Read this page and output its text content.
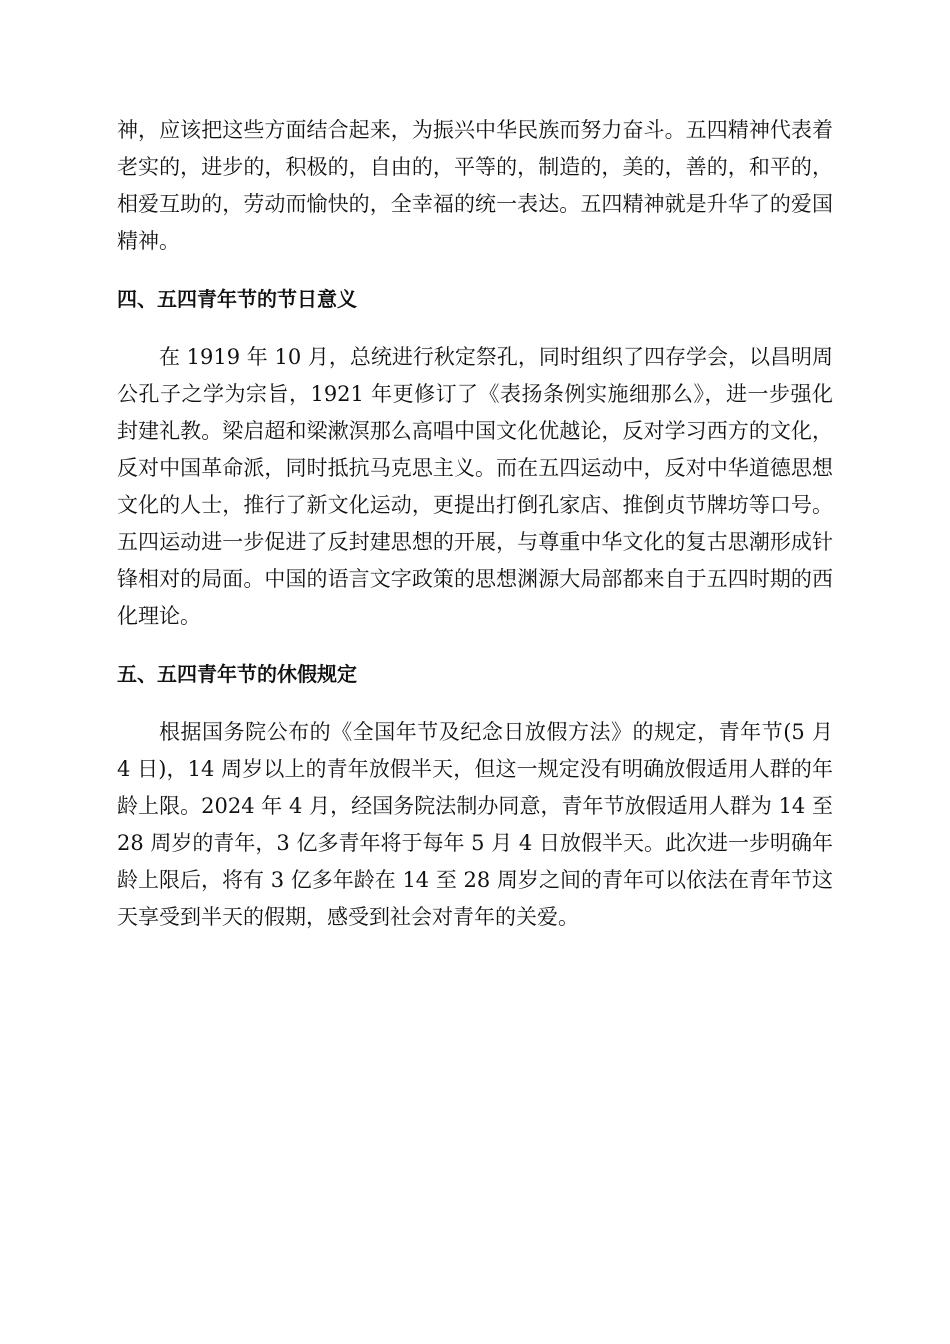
神，应该把这些方面结合起来，为振兴中华民族而努力奋斗。五四精神代表着老实的，进步的，积极的，自由的，平等的，制造的，美的，善的，和平的，相爱互助的，劳动而愉快的，全幸福的统一表达。五四精神就是升华了的爱国精神。

四、五四青年节的节日意义

在 1919 年 10 月，总统进行秋定祭孔，同时组织了四存学会，以昌明周公孔子之学为宗旨，1921 年更修订了《表扬条例实施细那么》，进一步强化封建礼教。梁启超和梁漱溟那么高唱中国文化优越论，反对学习西方的文化，反对中国革命派，同时抵抗马克思主义。而在五四运动中，反对中华道德思想文化的人士，推行了新文化运动，更提出打倒孔家店、推倒贞节牌坊等口号。五四运动进一步促进了反封建思想的开展，与尊重中华文化的复古思潮形成针锋相对的局面。中国的语言文字政策的思想渊源大局部都来自于五四时期的西化理论。

五、五四青年节的休假规定

根据国务院公布的《全国年节及纪念日放假方法》的规定，青年节(5 月 4 日)，14 周岁以上的青年放假半天，但这一规定没有明确放假适用人群的年龄上限。2024 年 4 月，经国务院法制办同意，青年节放假适用人群为 14 至 28 周岁的青年，3 亿多青年将于每年 5 月 4 日放假半天。此次进一步明确年龄上限后，将有 3 亿多年龄在 14 至 28 周岁之间的青年可以依法在青年节这天享受到半天的假期，感受到社会对青年的关爱。
